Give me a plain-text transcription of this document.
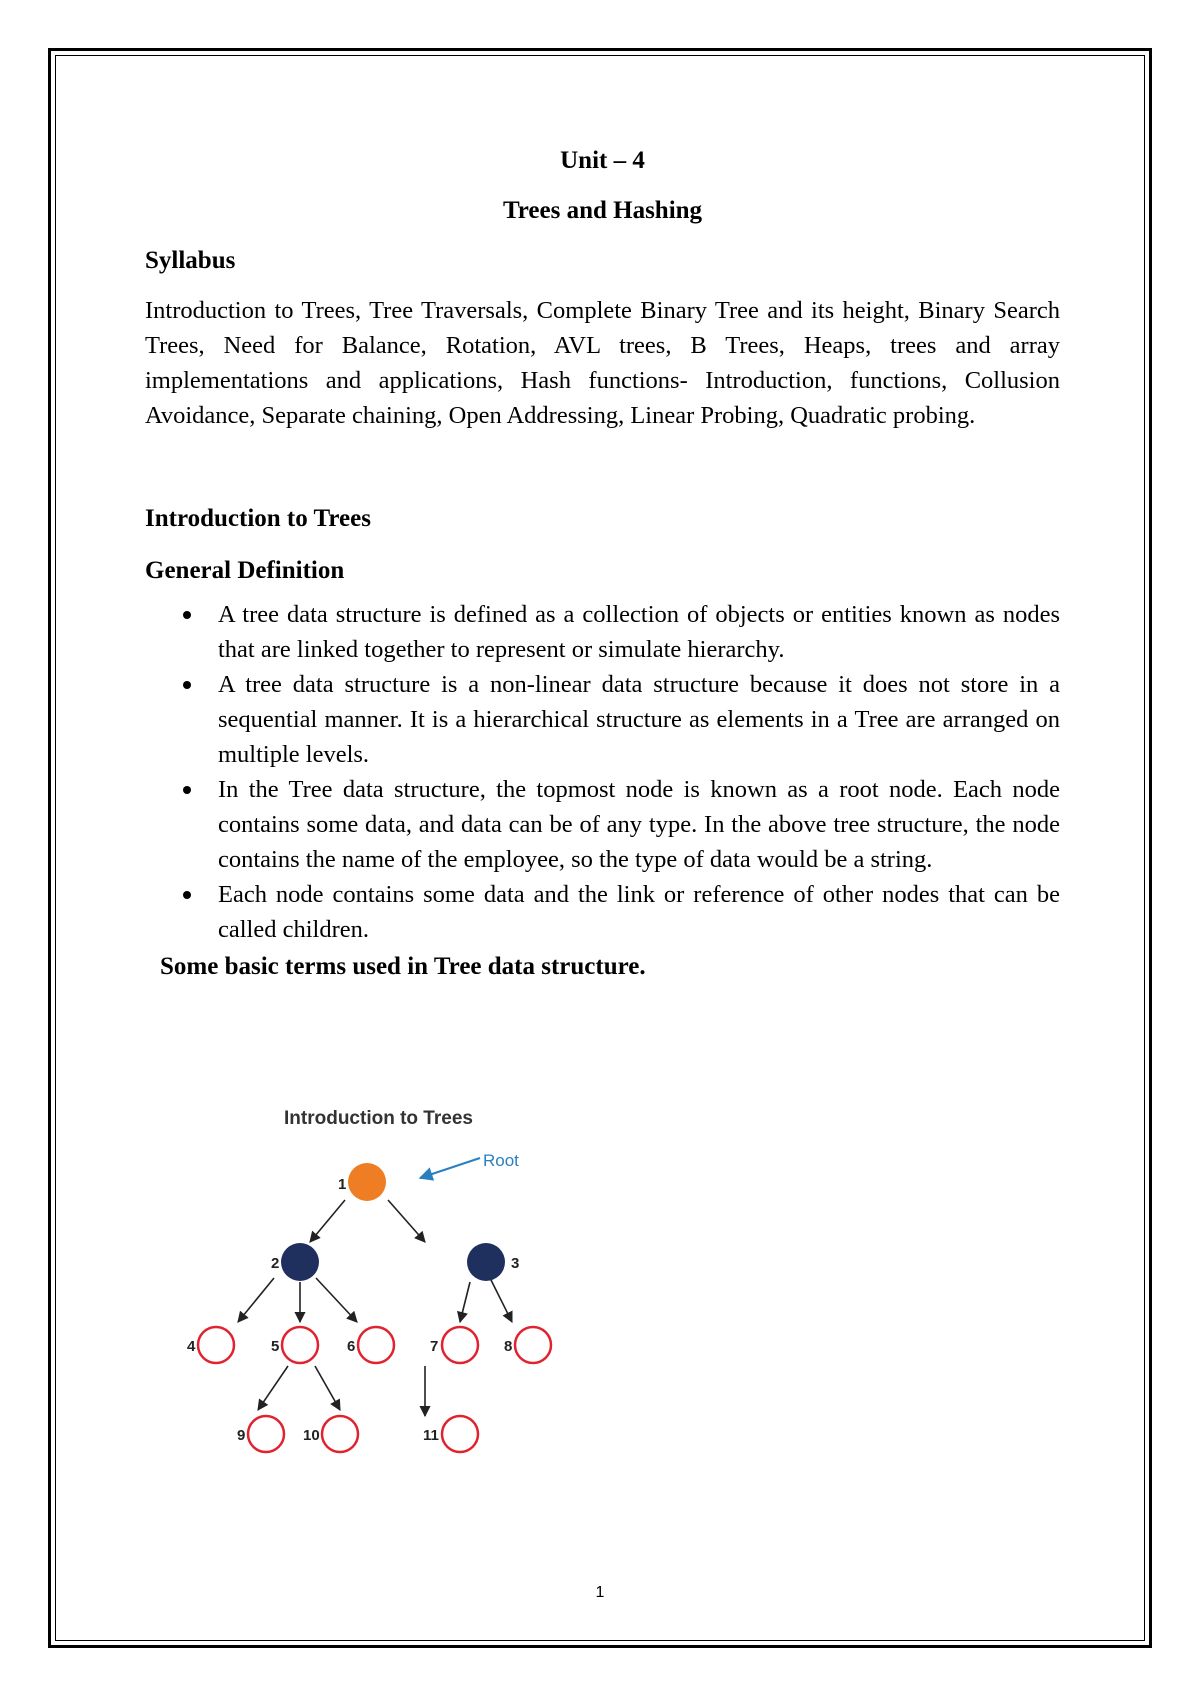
Unit – 4
Trees and Hashing
Syllabus

Introduction to Trees, Tree Traversals, Complete Binary Tree and its height, Binary Search Trees, Need for Balance, Rotation, AVL trees, B Trees, Heaps, trees and array implementations and applications, Hash functions- Introduction, functions, Collusion Avoidance, Separate chaining, Open Addressing, Linear Probing, Quadratic probing.

Introduction to Trees
General Definition
A tree data structure is defined as a collection of objects or entities known as nodes that are linked together to represent or simulate hierarchy.
A tree data structure is a non-linear data structure because it does not store in a sequential manner. It is a hierarchical structure as elements in a Tree are arranged on multiple levels.
In the Tree data structure, the topmost node is known as a root node. Each node contains some data, and data can be of any type. In the above tree structure, the node contains the name of the employee, so the type of data would be a string.
Each node contains some data and the link or reference of other nodes that can be called children.
Some basic terms used in Tree data structure.
Introduction to Trees
Root
1
2	3
4	5	6	7	8
9	10	11
1
